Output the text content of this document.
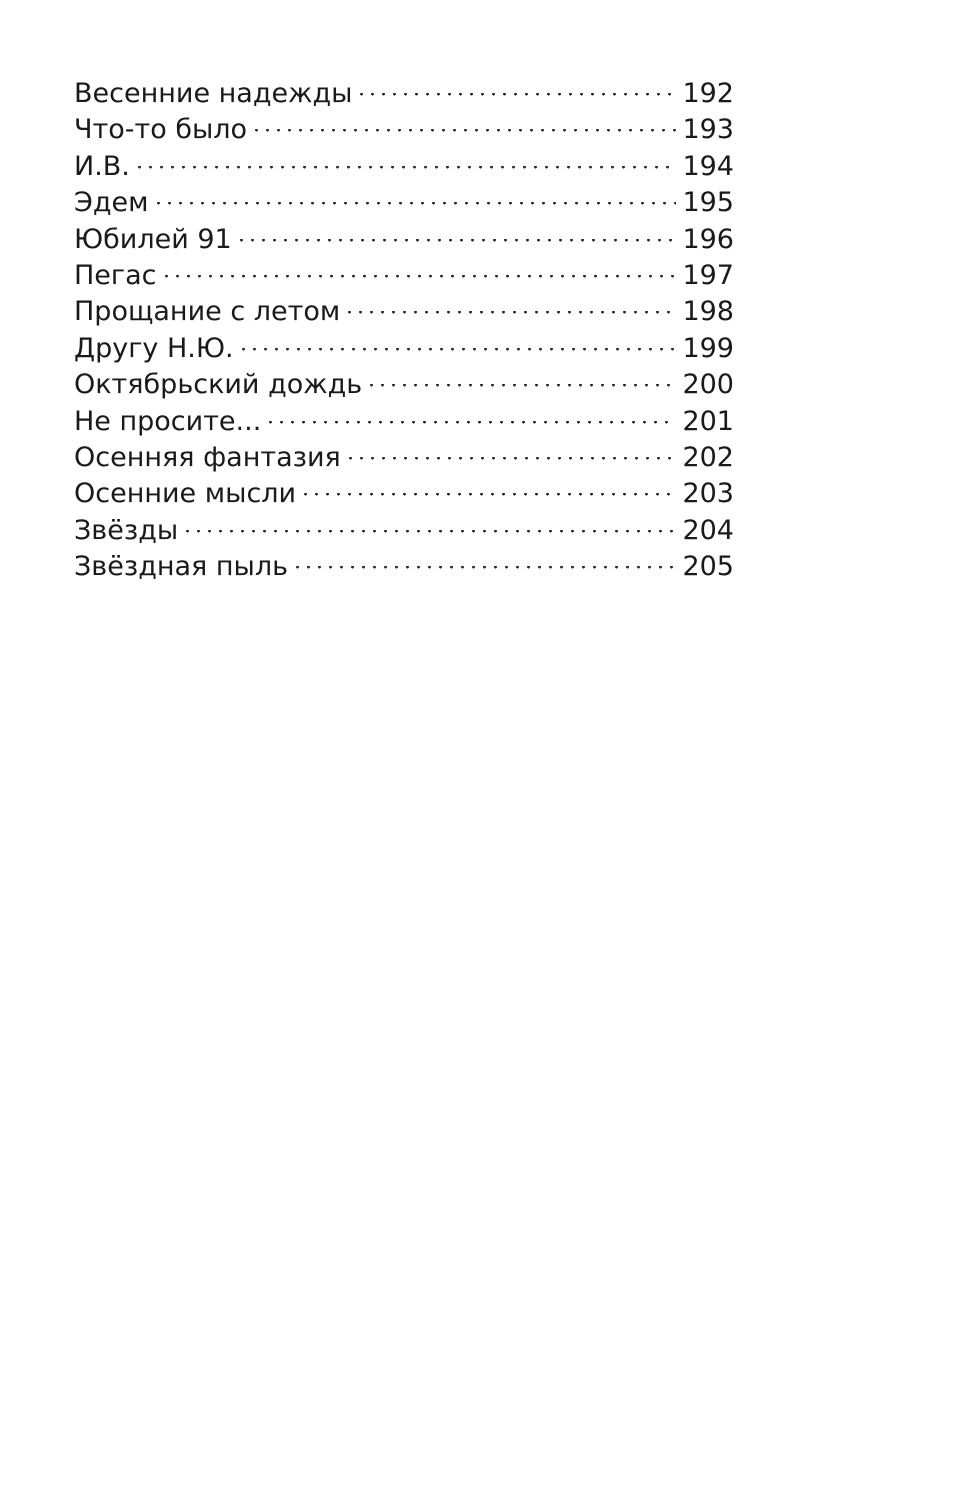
Весенние надежды	192
Что-то было	193
И.В.	194
Эдем	195
Юбилей 91	196
Пегас	197
Прощание с летом	198
Другу Н.Ю.	199
Октябрьский дождь	200
Не просите...	201
Осенняя фантазия	202
Осенние мысли	203
Звёзды	204
Звёздная пыль	205
